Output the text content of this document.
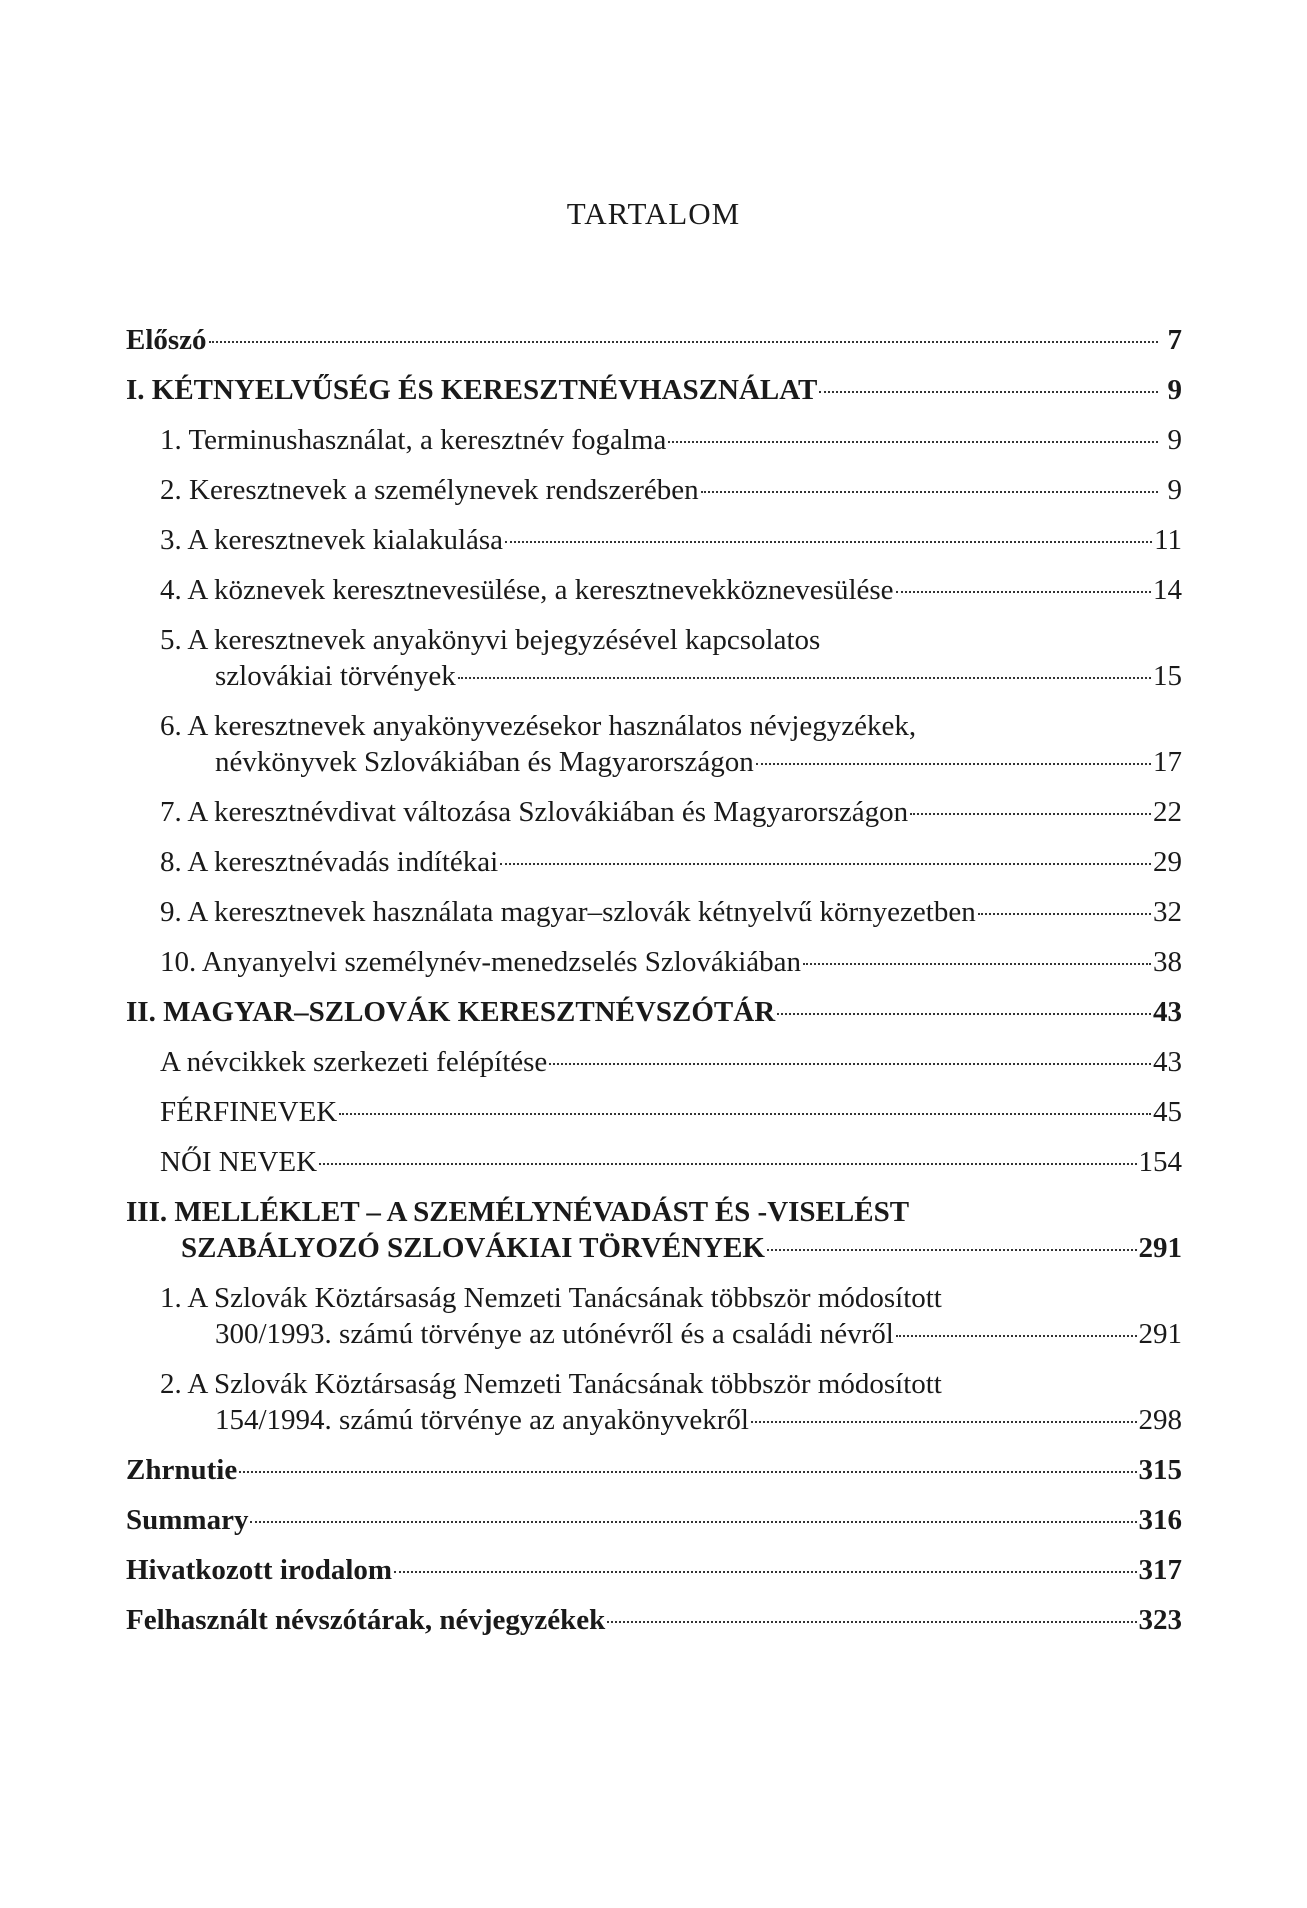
TARTALOM
Előszó	7
I. KÉTNYELVŰSÉG ÉS KERESZTNÉVHASZNÁLAT	9
1. Terminushasználat, a keresztnév fogalma	9
2. Keresztnevek a személynevek rendszerében	9
3. A keresztnevek kialakulása	11
4. A köznevek keresztnevesülése, a keresztnevekköznevesülése	14
5. A keresztnevek anyakönyvi bejegyzésével kapcsolatos
szlovákiai törvények	15
6. A keresztnevek anyakönyvezésekor használatos névjegyzékek,
névkönyvek Szlovákiában és Magyarországon	17
7. A keresztnévdivat változása Szlovákiában és Magyarországon	22
8. A keresztnévadás indítékai	29
9. A keresztnevek használata magyar–szlovák kétnyelvű környezetben	32
10. Anyanyelvi személynév-menedzselés Szlovákiában	38
II. MAGYAR–SZLOVÁK KERESZTNÉVSZÓTÁR	43
A névcikkek szerkezeti felépítése	43
FÉRFINEVEK	45
NŐI NEVEK	154
III. MELLÉKLET – A SZEMÉLYNÉVADÁST ÉS -VISELÉST
SZABÁLYOZÓ SZLOVÁKIAI TÖRVÉNYEK	291
1. A Szlovák Köztársaság Nemzeti Tanácsának többször módosított
300/1993. számú törvénye az utónévről és a családi névről	291
2. A Szlovák Köztársaság Nemzeti Tanácsának többször módosított
154/1994. számú törvénye az anyakönyvekről	298
Zhrnutie	315
Summary	316
Hivatkozott irodalom	317
Felhasznált névszótárak, névjegyzékek	323
